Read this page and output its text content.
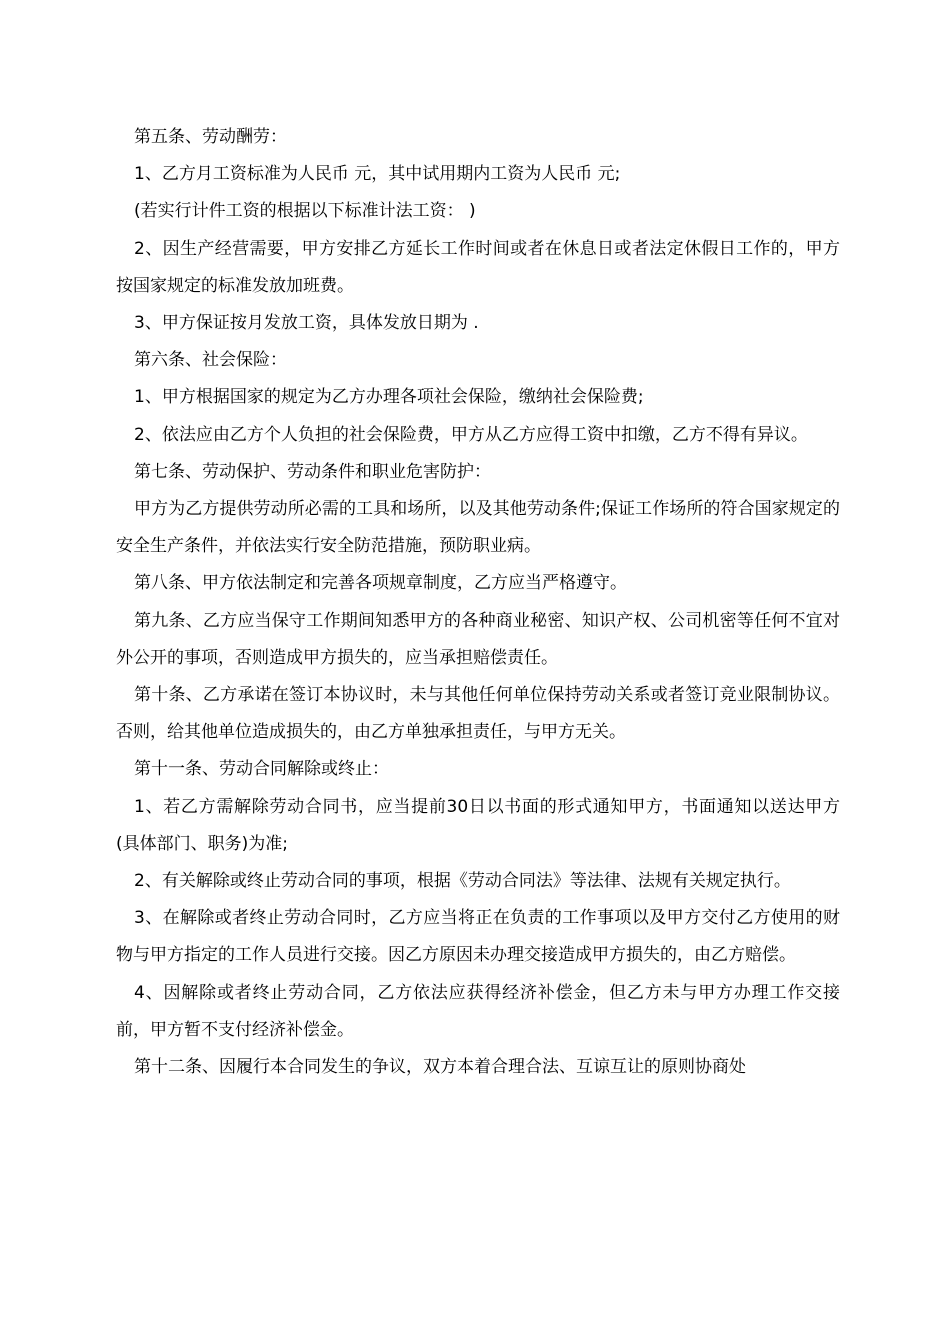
第五条、劳动酬劳：

1、乙方月工资标准为人民币 元，其中试用期内工资为人民币 元;

(若实行计件工资的根据以下标准计法工资： )

2、因生产经营需要，甲方安排乙方延长工作时间或者在休息日或者法定休假日工作的，甲方按国家规定的标准发放加班费。

3、甲方保证按月发放工资，具体发放日期为 .

第六条、社会保险：

1、甲方根据国家的规定为乙方办理各项社会保险，缴纳社会保险费;

2、依法应由乙方个人负担的社会保险费，甲方从乙方应得工资中扣缴，乙方不得有异议。

第七条、劳动保护、劳动条件和职业危害防护：

甲方为乙方提供劳动所必需的工具和场所，以及其他劳动条件;保证工作场所的符合国家规定的安全生产条件，并依法实行安全防范措施，预防职业病。

第八条、甲方依法制定和完善各项规章制度，乙方应当严格遵守。

第九条、乙方应当保守工作期间知悉甲方的各种商业秘密、知识产权、公司机密等任何不宜对外公开的事项，否则造成甲方损失的，应当承担赔偿责任。

第十条、乙方承诺在签订本协议时，未与其他任何单位保持劳动关系或者签订竞业限制协议。否则，给其他单位造成损失的，由乙方单独承担责任，与甲方无关。

第十一条、劳动合同解除或终止：

1、若乙方需解除劳动合同书，应当提前30日以书面的形式通知甲方，书面通知以送达甲方 (具体部门、职务)为准;

2、有关解除或终止劳动合同的事项，根据《劳动合同法》等法律、法规有关规定执行。

3、在解除或者终止劳动合同时，乙方应当将正在负责的工作事项以及甲方交付乙方使用的财物与甲方指定的工作人员进行交接。因乙方原因未办理交接造成甲方损失的，由乙方赔偿。

4、因解除或者终止劳动合同，乙方依法应获得经济补偿金，但乙方未与甲方办理工作交接前，甲方暂不支付经济补偿金。

第十二条、因履行本合同发生的争议，双方本着合理合法、互谅互让的原则协商处
